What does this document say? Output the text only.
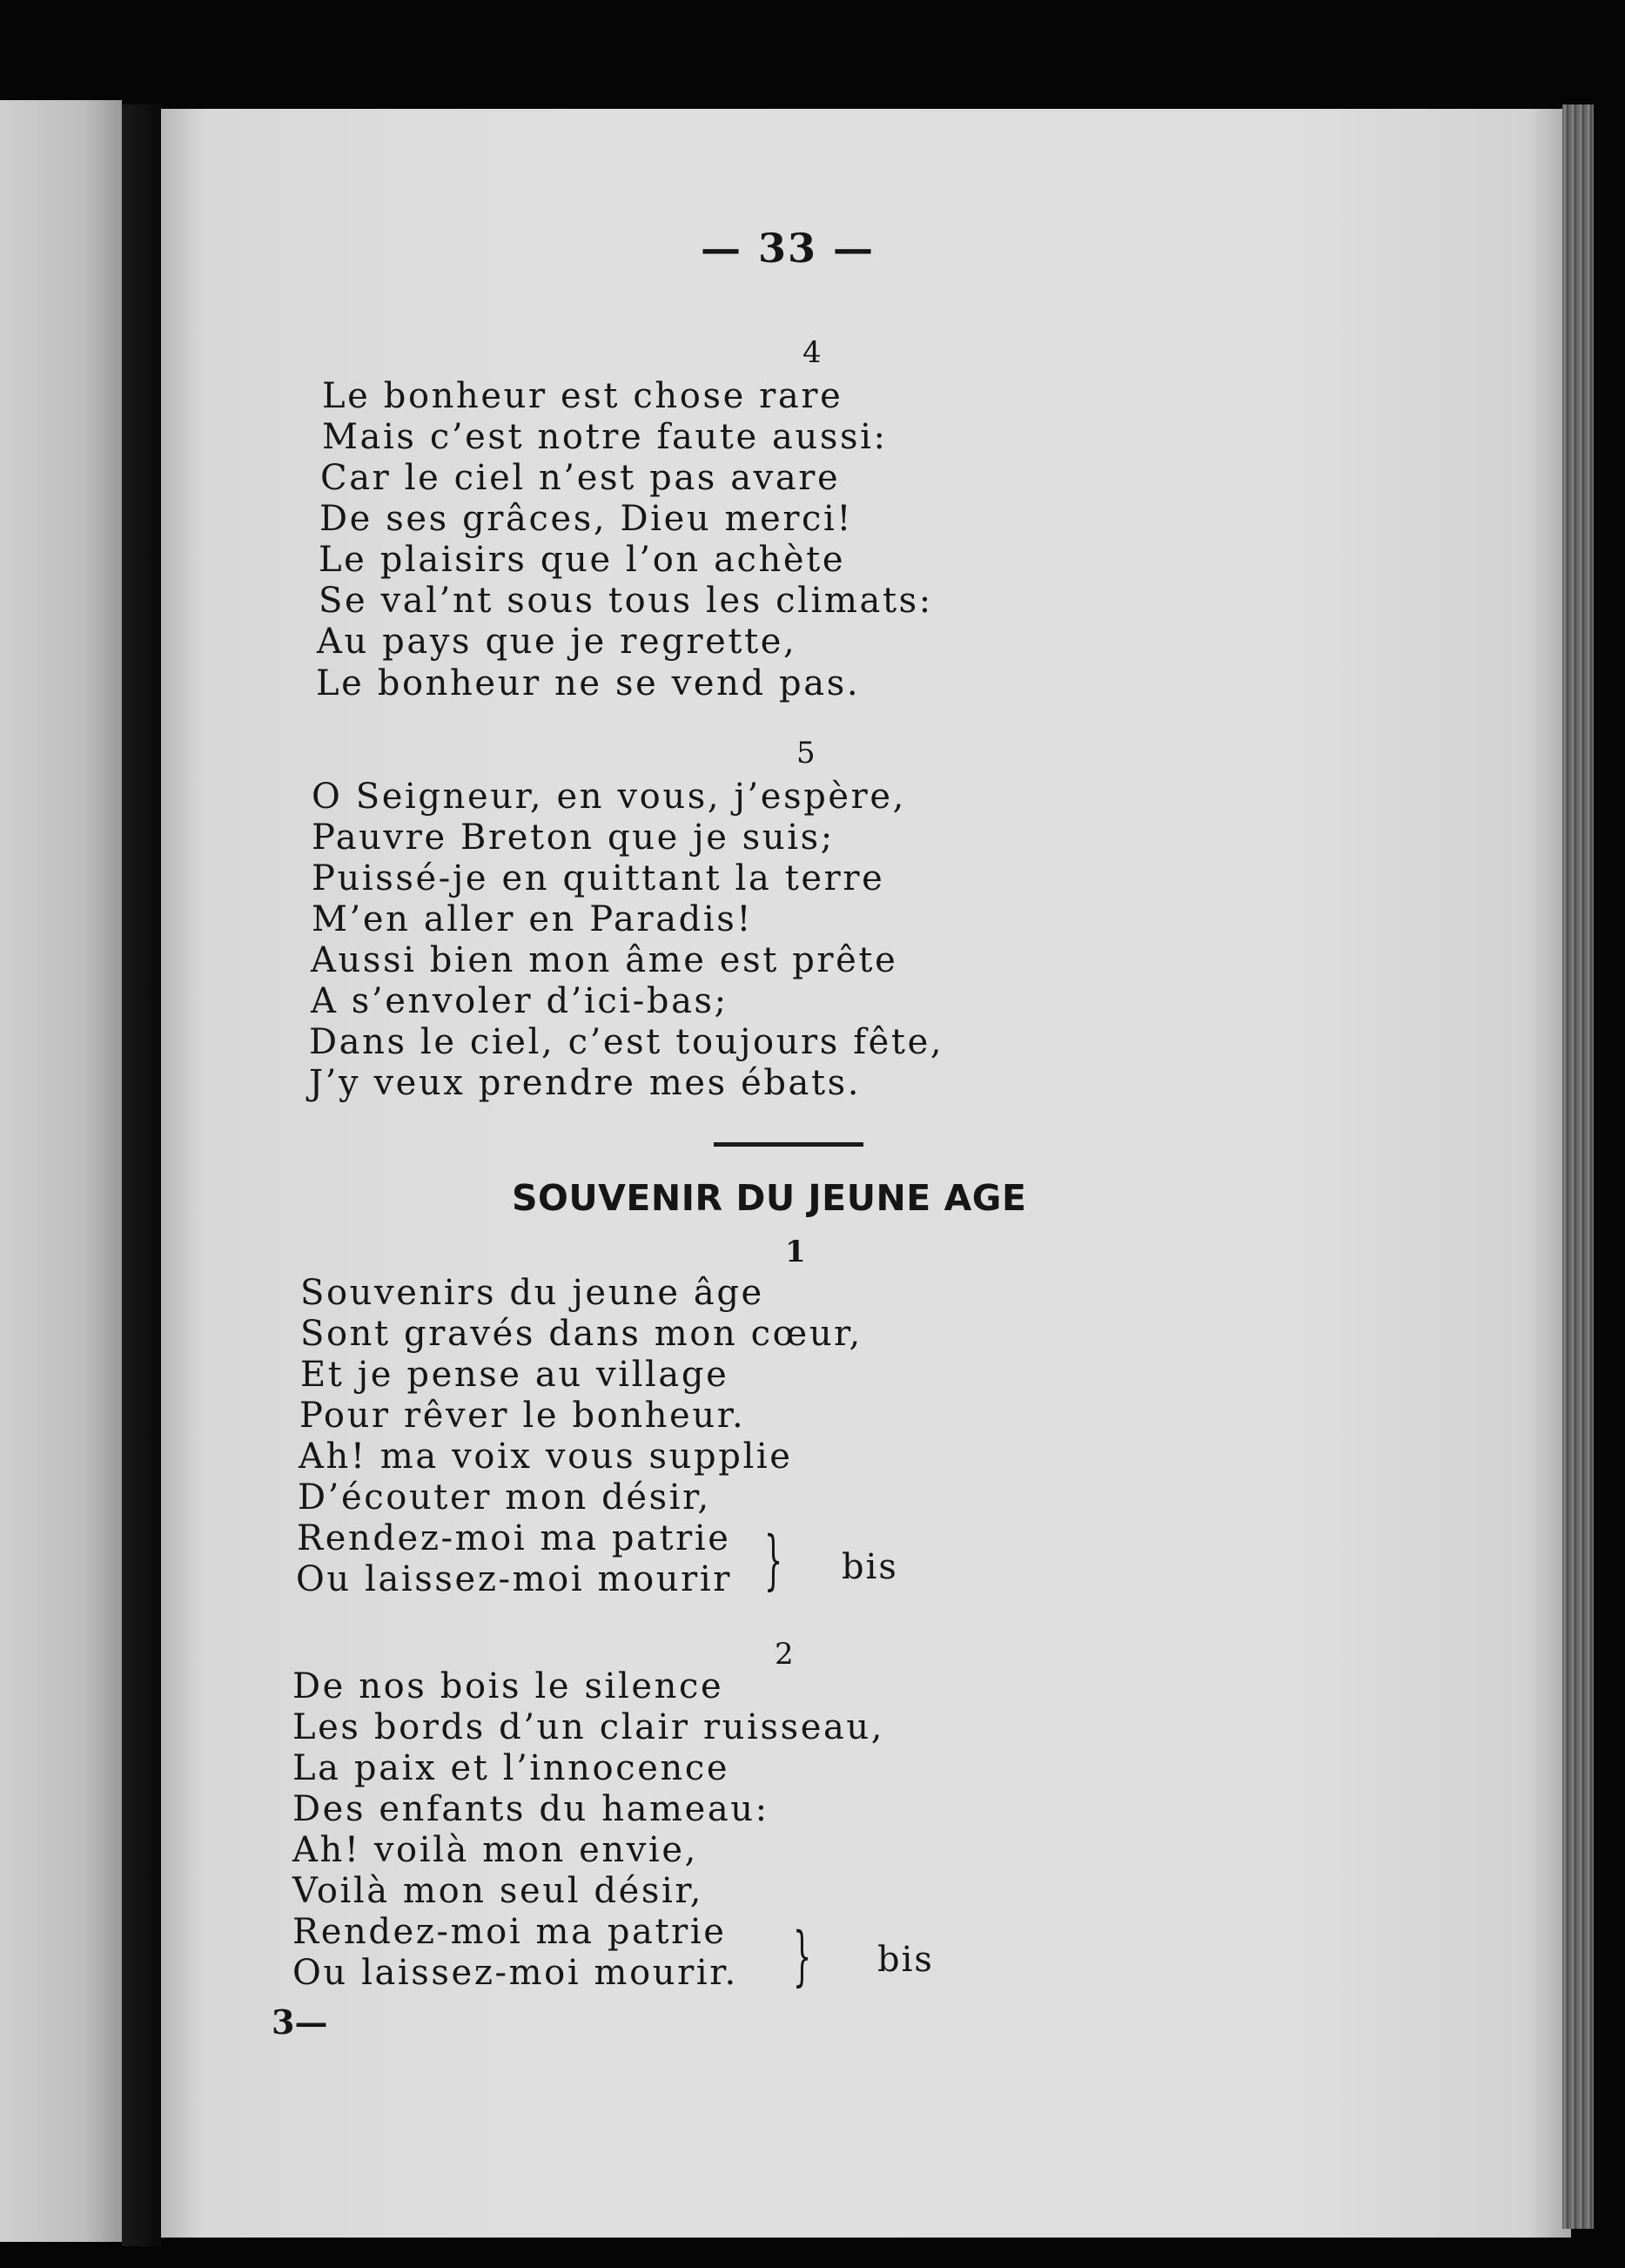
— 33 —
4
Le bonheur est chose rare
Mais c’est notre faute aussi:
Car le ciel n’est pas avare
De ses grâces, Dieu merci!
Le plaisirs que l’on achète
Se val’nt sous tous les climats:
Au pays que je regrette,
Le bonheur ne se vend pas.
5
O Seigneur, en vous, j’espère,
Pauvre Breton que je suis;
Puissé-je en quittant la terre
M’en aller en Paradis!
Aussi bien mon âme est prête
A s’envoler d’ici-bas;
Dans le ciel, c’est toujours fête,
J’y veux prendre mes ébats.
SOUVENIR DU JEUNE AGE
1
Souvenirs du jeune âge
Sont gravés dans mon cœur,
Et je pense au village
Pour rêver le bonheur.
Ah! ma voix vous supplie
D’écouter mon désir,
Rendez-moi ma patrie
Ou laissez-moi mourir } bis
2
De nos bois le silence
Les bords d’un clair ruisseau,
La paix et l’innocence
Des enfants du hameau:
Ah! voilà mon envie,
Voilà mon seul désir,
Rendez-moi ma patrie
Ou laissez-moi mourir. } bis
3—
